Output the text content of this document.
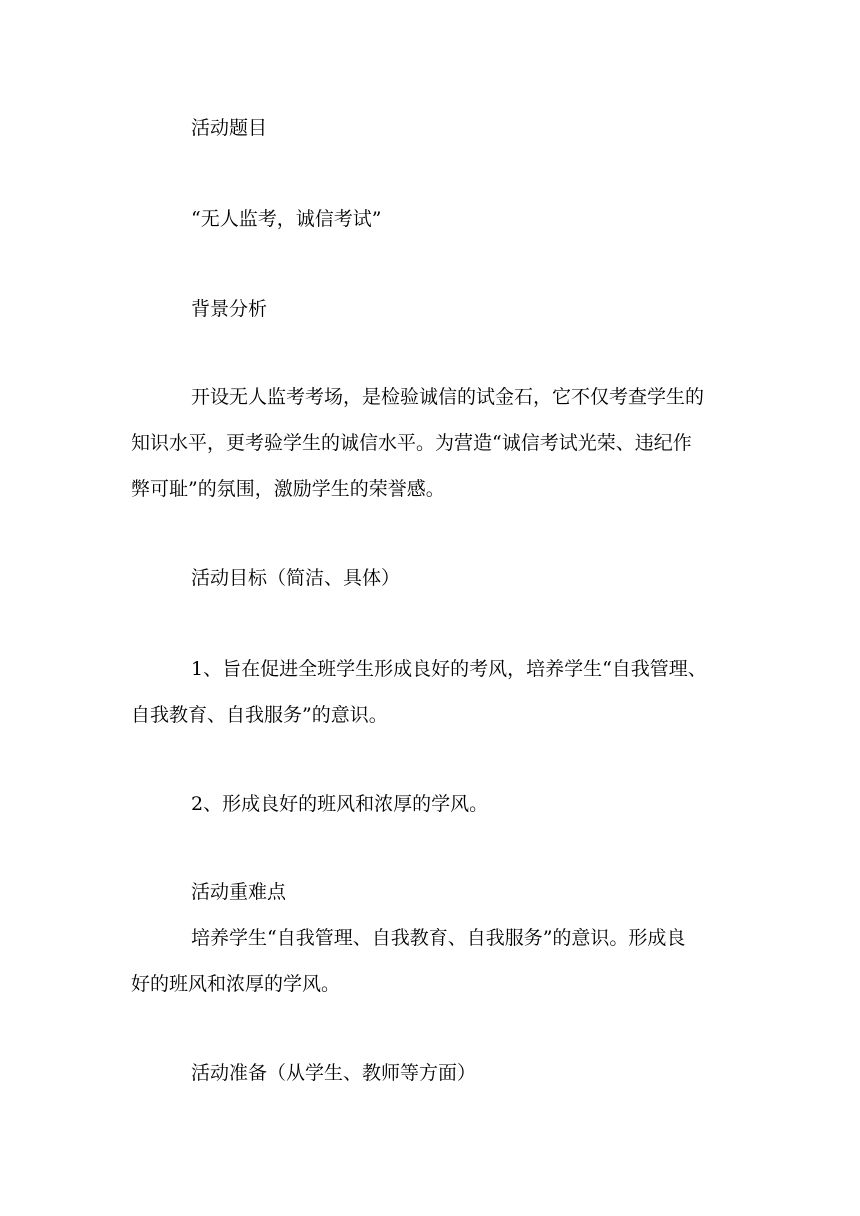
活动题目
“无人监考，诚信考试”
背景分析
开设无人监考考场，是检验诚信的试金石，它不仅考查学生的
知识水平，更考验学生的诚信水平。为营造“诚信考试光荣、违纪作
弊可耻”的氛围，激励学生的荣誉感。
活动目标（简洁、具体）
1、旨在促进全班学生形成良好的考风，培养学生“自我管理、
自我教育、自我服务”的意识。
2、形成良好的班风和浓厚的学风。
活动重难点
培养学生“自我管理、自我教育、自我服务”的意识。形成良
好的班风和浓厚的学风。
活动准备（从学生、教师等方面）
